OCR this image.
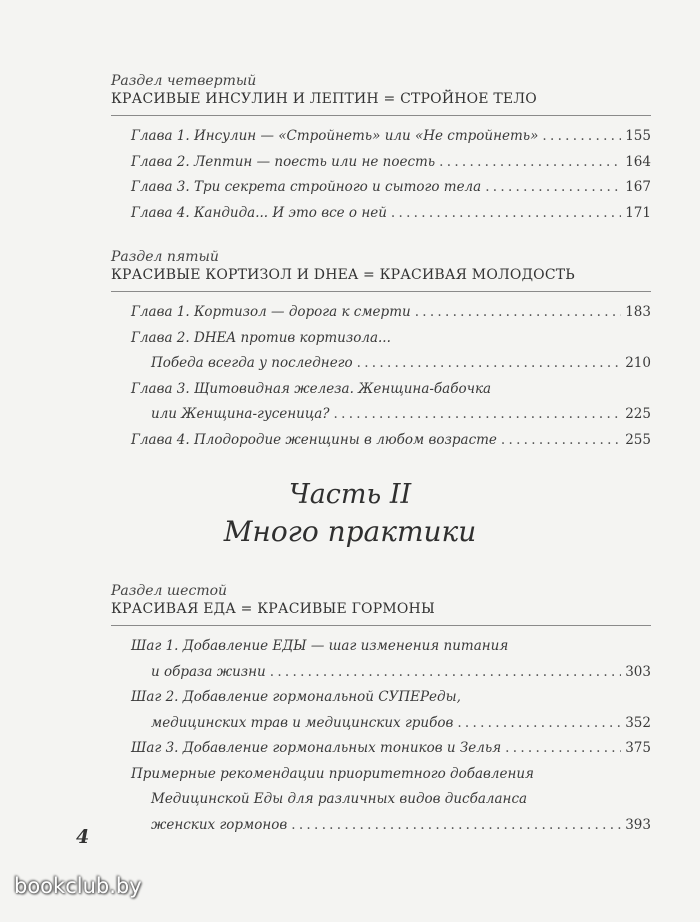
Раздел четвертый
КРАСИВЫЕ ИНСУЛИН И ЛЕПТИН = СТРОЙНОЕ ТЕЛО
Глава 1. Инсулин — «Стройнеть» или «Не стройнеть» . . .	155
Глава 2. Лептин — поесть или не поесть . . .	164
Глава 3. Три секрета стройного и сытого тела . . .	167
Глава 4. Кандида... И это все о ней . . .	171
Раздел пятый
КРАСИВЫЕ КОРТИЗОЛ И DHEA = КРАСИВАЯ МОЛОДОСТЬ
Глава 1. Кортизол — дорога к смерти . . .	183
Глава 2. DHEA против кортизола...
Победа всегда у последнего . . .	210
Глава 3. Щитовидная железа. Женщина-бабочка
или Женщина-гусеница? . . .	225
Глава 4. Плодородие женщины в любом возрасте . . .	255
Часть II
Много практики
Раздел шестой
КРАСИВАЯ ЕДА = КРАСИВЫЕ ГОРМОНЫ
Шаг 1. Добавление ЕДЫ — шаг изменения питания
и образа жизни . . .	303
Шаг 2. Добавление гормональной СУПЕРеды,
медицинских трав и медицинских грибов . . .	352
Шаг 3. Добавление гормональных тоников и Зелья . . .	375
Примерные рекомендации приоритетного добавления
Медицинской Еды для различных видов дисбаланса
женских гормонов . . .	393
4
bookclub.by
